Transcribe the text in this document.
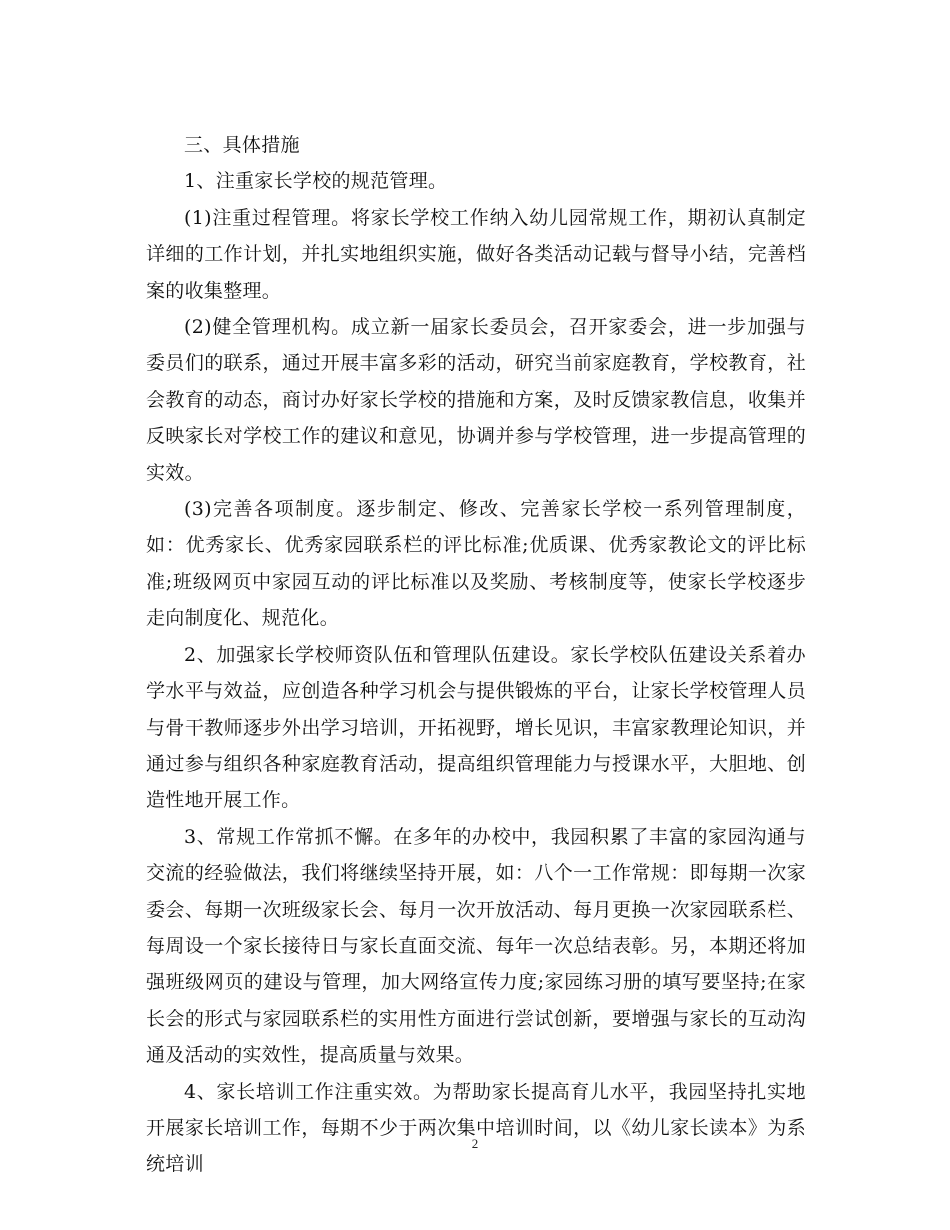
三、具体措施

1、注重家长学校的规范管理。

(1)注重过程管理。将家长学校工作纳入幼儿园常规工作，期初认真制定详细的工作计划，并扎实地组织实施，做好各类活动记载与督导小结，完善档案的收集整理。

(2)健全管理机构。成立新一届家长委员会，召开家委会，进一步加强与委员们的联系，通过开展丰富多彩的活动，研究当前家庭教育，学校教育，社会教育的动态，商讨办好家长学校的措施和方案，及时反馈家教信息，收集并反映家长对学校工作的建议和意见，协调并参与学校管理，进一步提高管理的实效。

(3)完善各项制度。逐步制定、修改、完善家长学校一系列管理制度，如：优秀家长、优秀家园联系栏的评比标准;优质课、优秀家教论文的评比标准;班级网页中家园互动的评比标准以及奖励、考核制度等，使家长学校逐步走向制度化、规范化。

2、加强家长学校师资队伍和管理队伍建设。家长学校队伍建设关系着办学水平与效益，应创造各种学习机会与提供锻炼的平台，让家长学校管理人员与骨干教师逐步外出学习培训，开拓视野，增长见识，丰富家教理论知识，并通过参与组织各种家庭教育活动，提高组织管理能力与授课水平，大胆地、创造性地开展工作。

3、常规工作常抓不懈。在多年的办校中，我园积累了丰富的家园沟通与交流的经验做法，我们将继续坚持开展，如：八个一工作常规：即每期一次家委会、每期一次班级家长会、每月一次开放活动、每月更换一次家园联系栏、每周设一个家长接待日与家长直面交流、每年一次总结表彰。另，本期还将加强班级网页的建设与管理，加大网络宣传力度;家园练习册的填写要坚持;在家长会的形式与家园联系栏的实用性方面进行尝试创新，要增强与家长的互动沟通及活动的实效性，提高质量与效果。

4、家长培训工作注重实效。为帮助家长提高育儿水平，我园坚持扎实地开展家长培训工作，每期不少于两次集中培训时间，以《幼儿家长读本》为系统培训

2
